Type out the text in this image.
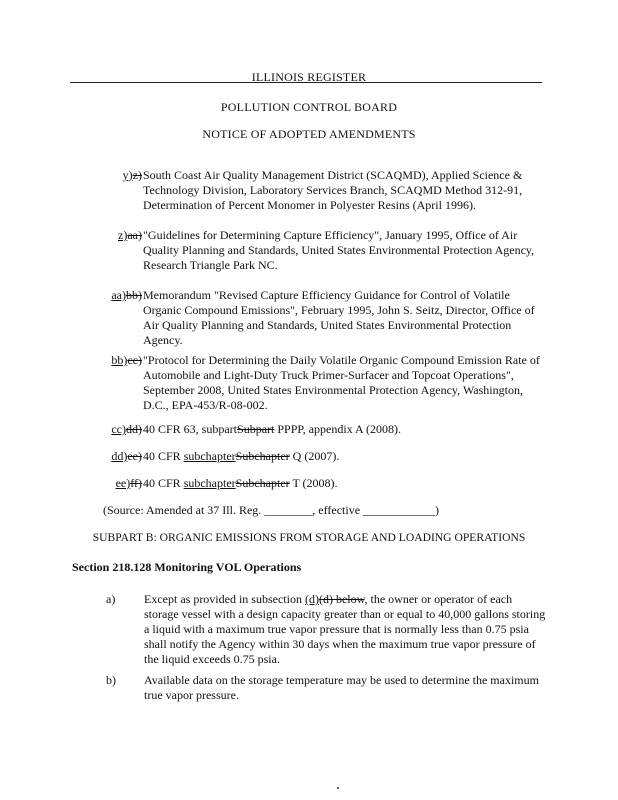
ILLINOIS REGISTER
POLLUTION CONTROL BOARD
NOTICE OF ADOPTED AMENDMENTS
y)z) South Coast Air Quality Management District (SCAQMD), Applied Science & Technology Division, Laboratory Services Branch, SCAQMD Method 312-91, Determination of Percent Monomer in Polyester Resins (April 1996).
z)aa) "Guidelines for Determining Capture Efficiency", January 1995, Office of Air Quality Planning and Standards, United States Environmental Protection Agency, Research Triangle Park NC.
aa)bb) Memorandum "Revised Capture Efficiency Guidance for Control of Volatile Organic Compound Emissions", February 1995, John S. Seitz, Director, Office of Air Quality Planning and Standards, United States Environmental Protection Agency.
bb)cc) "Protocol for Determining the Daily Volatile Organic Compound Emission Rate of Automobile and Light-Duty Truck Primer-Surfacer and Topcoat Operations", September 2008, United States Environmental Protection Agency, Washington, D.C., EPA-453/R-08-002.
cc)dd) 40 CFR 63, subpartSubpart PPPP, appendix A (2008).
dd)ee) 40 CFR subchapterSubchapter Q (2007).
ee)ff) 40 CFR subchapterSubchapter T (2008).
(Source: Amended at 37 Ill. Reg. ________, effective ____________)
SUBPART B: ORGANIC EMISSIONS FROM STORAGE AND LOADING OPERATIONS
Section 218.128 Monitoring VOL Operations
a) Except as provided in subsection (d)(d) below, the owner or operator of each storage vessel with a design capacity greater than or equal to 40,000 gallons storing a liquid with a maximum true vapor pressure that is normally less than 0.75 psia shall notify the Agency within 30 days when the maximum true vapor pressure of the liquid exceeds 0.75 psia.
b) Available data on the storage temperature may be used to determine the maximum true vapor pressure.
